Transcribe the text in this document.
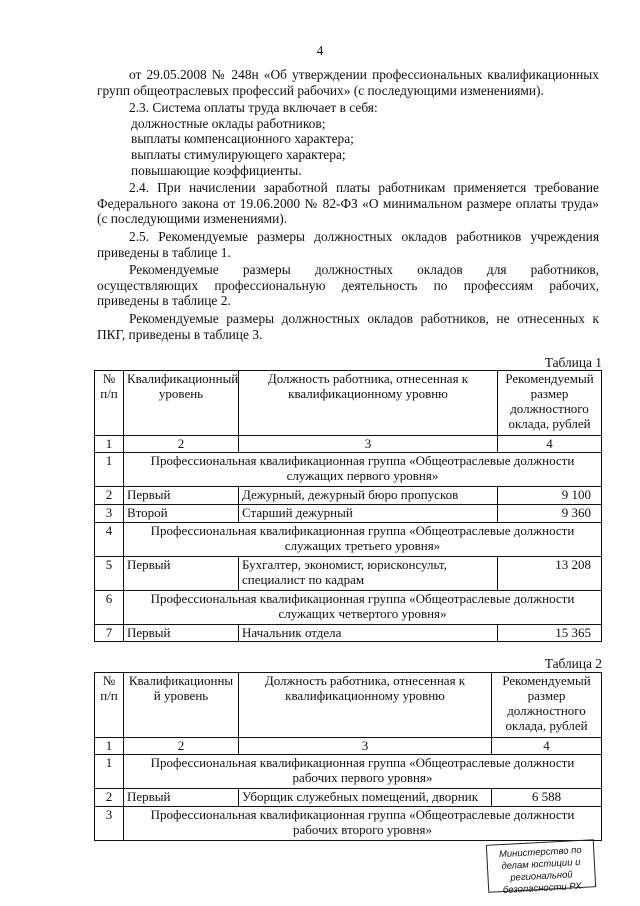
4

от 29.05.2008 № 248н «Об утверждении профессиональных квалификационных групп общеотраслевых профессий рабочих» (с последующими изменениями).

2.3. Система оплаты труда включает в себя:

должностные оклады работников;

выплаты компенсационного характера;

выплаты стимулирующего характера;

повышающие коэффициенты.

2.4. При начислении заработной платы работникам применяется требование Федерального закона от 19.06.2000 № 82-ФЗ «О минимальном размере оплаты труда» (с последующими изменениями).

2.5. Рекомендуемые размеры должностных окладов работников учреждения приведены в таблице 1.

Рекомендуемые размеры должностных окладов для работников, осуществляющих профессиональную деятельность по профессиям рабочих, приведены в таблице 2.

Рекомендуемые размеры должностных окладов работников, не отнесенных к ПКГ, приведены в таблице 3.

Таблица 1
№ п/п	Квалификационный уровень	Должность работника, отнесенная к квалификационному уровню	Рекомендуемый размер должностного оклада, рублей
1	2	3	4
1	Профессиональная квалификационная группа «Общеотраслевые должности служащих первого уровня»		
2	Первый	Дежурный, дежурный бюро пропусков	9 100
3	Второй	Старший дежурный	9 360
4	Профессиональная квалификационная группа «Общеотраслевые должности служащих третьего уровня»		
5	Первый	Бухгалтер, экономист, юрисконсульт, специалист по кадрам	13 208
6	Профессиональная квалификационная группа «Общеотраслевые должности служащих четвертого уровня»		
7	Первый	Начальник отдела	15 365
Таблица 2
№ п/п	Квалификационны й уровень	Должность работника, отнесенная к квалификационному уровню	Рекомендуемый размер должностного оклада, рублей
1	2	3	4
1	Профессиональная квалификационная группа «Общеотраслевые должности рабочих первого уровня»		
2	Первый	Уборщик служебных помещений, дворник	6 588
3	Профессиональная квалификационная группа «Общеотраслевые должности рабочих второго уровня»		
Министерство по делам юстиции и региональной безопасности РХ
